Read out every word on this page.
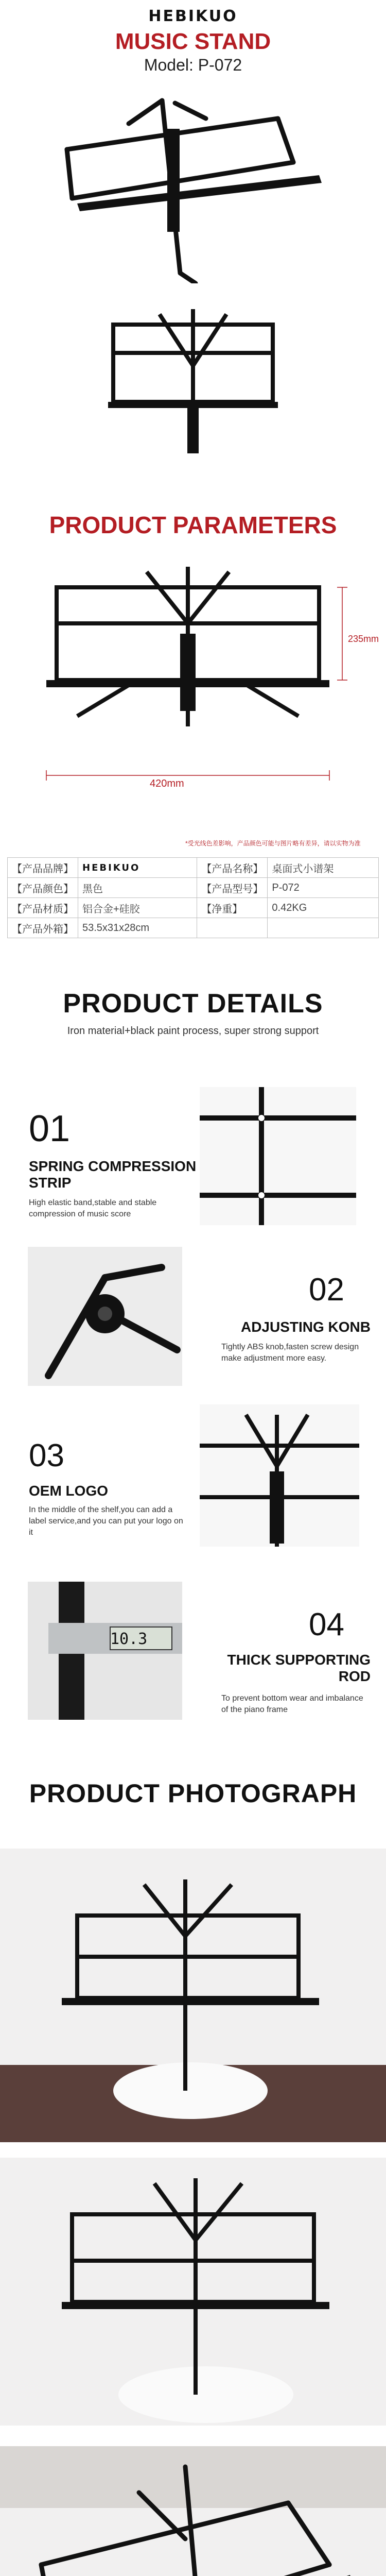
HEBIKUO
MUSIC STAND
Model: P-072
PRODUCT PARAMETERS
420mm
235mm
*受光线色差影响，产品颜色可能与图片略有差异，请以实物为准
【产品品牌】	HEBIKUO	【产品名称】	桌面式小谱架
【产品颜色】	黑色	【产品型号】	P-072
【产品材质】	铝合金+硅胶	【净重】	0.42KG
【产品外箱】	53.5x31x28cm		
PRODUCT DETAILS
Iron material+black paint process, super strong support
01
SPRING COMPRESSION STRIP
High elastic band,stable and stable compression of music score
02
ADJUSTING KONB
Tightly ABS knob,fasten screw design make adjustment more easy.
03
OEM LOGO
In the middle of the shelf,you can add a label service,and you can put your logo on it
10.3	04
THICK SUPPORTING ROD
To prevent bottom wear and imbalance of the piano frame
PRODUCT PHOTOGRAPH
